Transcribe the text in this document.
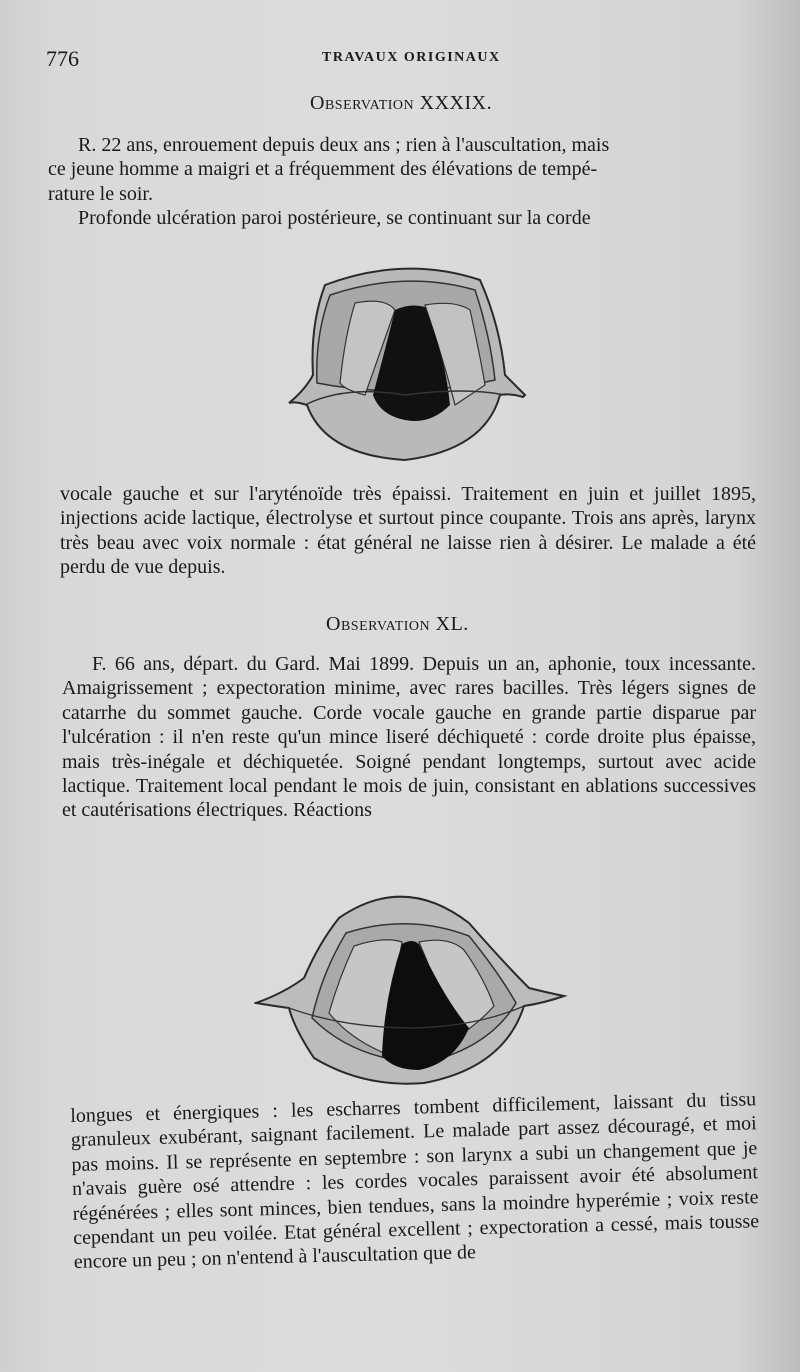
776	TRAVAUX ORIGINAUX
Observation XXXIX.

R. 22 ans, enrouement depuis deux ans ; rien à l'auscultation, mais

ce jeune homme a maigri et a fréquemment des élévations de tempé-

rature le soir.

Profonde ulcération paroi postérieure, se continuant sur la corde

vocale gauche et sur l'aryténoïde très épaissi. Traitement en juin et juillet 1895, injections acide lactique, électrolyse et surtout pince coupante. Trois ans après, larynx très beau avec voix normale : état général ne laisse rien à désirer. Le malade a été perdu de vue depuis.

Observation XL.

F. 66 ans, départ. du Gard. Mai 1899. Depuis un an, aphonie, toux incessante. Amaigrissement ; expectoration minime, avec rares bacilles. Très légers signes de catarrhe du sommet gauche. Corde vocale gauche en grande partie disparue par l'ulcération : il n'en reste qu'un mince liseré déchiqueté : corde droite plus épaisse, mais très-inégale et déchiquetée. Soigné pendant longtemps, surtout avec acide lactique. Traitement local pendant le mois de juin, consistant en ablations successives et cautérisations électriques. Réactions

longues et énergiques : les escharres tombent difficilement, laissant du tissu granuleux exubérant, saignant facilement. Le malade part assez découragé, et moi pas moins. Il se représente en septembre : son larynx a subi un changement que je n'avais guère osé attendre : les cordes vocales paraissent avoir été absolument régénérées ; elles sont minces, bien tendues, sans la moindre hyperémie ; voix reste cependant un peu voilée. Etat général excellent ; expectoration a cessé, mais tousse encore un peu ; on n'entend à l'auscultation que de
